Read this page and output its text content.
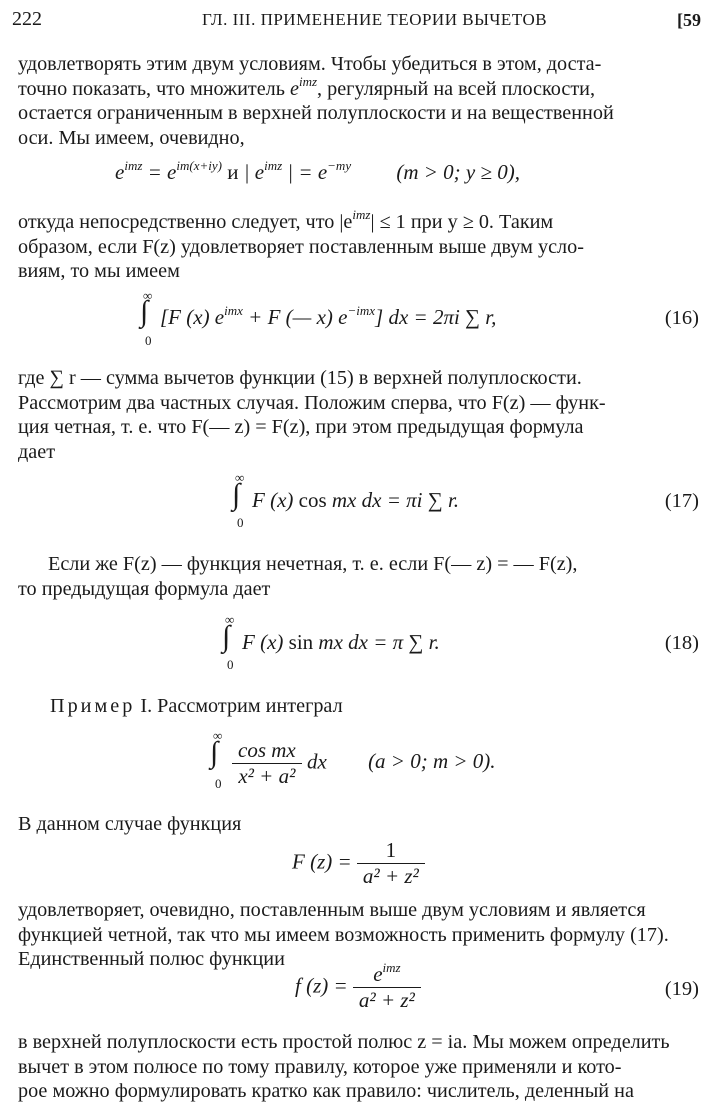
222	ГЛ. III. ПРИМЕНЕНИЕ ТЕОРИИ ВЫЧЕТОВ	[59
удовлетворять этим двум условиям. Чтобы убедиться в этом, доста-
точно показать, что множитель $e^{imz}$, регулярный на всей плоскости,
остается ограниченным в верхней полуплоскости и на вещественной
оси. Мы имеем, очевидно,
$e^{imz} = e^{im(x+iy)}$ и | $e^{imz}$ | = $e^{-my}$ (m > 0; y ≥ 0),
откуда непосредственно следует, что $|e^{imz}| \le 1$ при y ≥ 0. Таким
образом, если F(z) удовлетворяет поставленным выше двум усло-
виям, то мы имеем
∞
∫
0
[F (x) $e^{imx} + F$ (— x) $e^{-imx}$] dx = 2πi ∑ r,	(16)
где ∑ r — сумма вычетов функции (15) в верхней полуплоскости.
Рассмотрим два частных случая. Положим сперва, что F(z) — функ-
ция четная, т. е. что F(— z) = F(z), при этом предыдущая формула
дает
∞
∫
0
F (x) cos mx dx = πi ∑ r.	(17)
Если же F(z) — функция нечетная, т. е. если F(— z) = — F(z),
то предыдущая формула дает
∞
∫
0
F (x) sin mx dx = π ∑ r.	(18)
Пример I. Рассмотрим интеграл
∞
∫
$0 \frac{\text{cos mx}}{\text{x² + a²}}$ dx (a > 0; m > 0).
В данном случае функция
F $(z) = \frac{1}{\text{a² + z²}}$
удовлетворяет, очевидно, поставленным выше двум условиям и является
функцией четной, так что мы имеем возможность применить формулу (17).
Единственный полюс функции
f $(z) = \frac{e^{imz}}{\text{a² + z²}}$	(19)
в верхней полуплоскости есть простой полюс z = ia. Мы можем определить
вычет в этом полюсе по тому правилу, которое уже применяли и кото-
рое можно формулировать кратко как правило: числитель, деленный на
